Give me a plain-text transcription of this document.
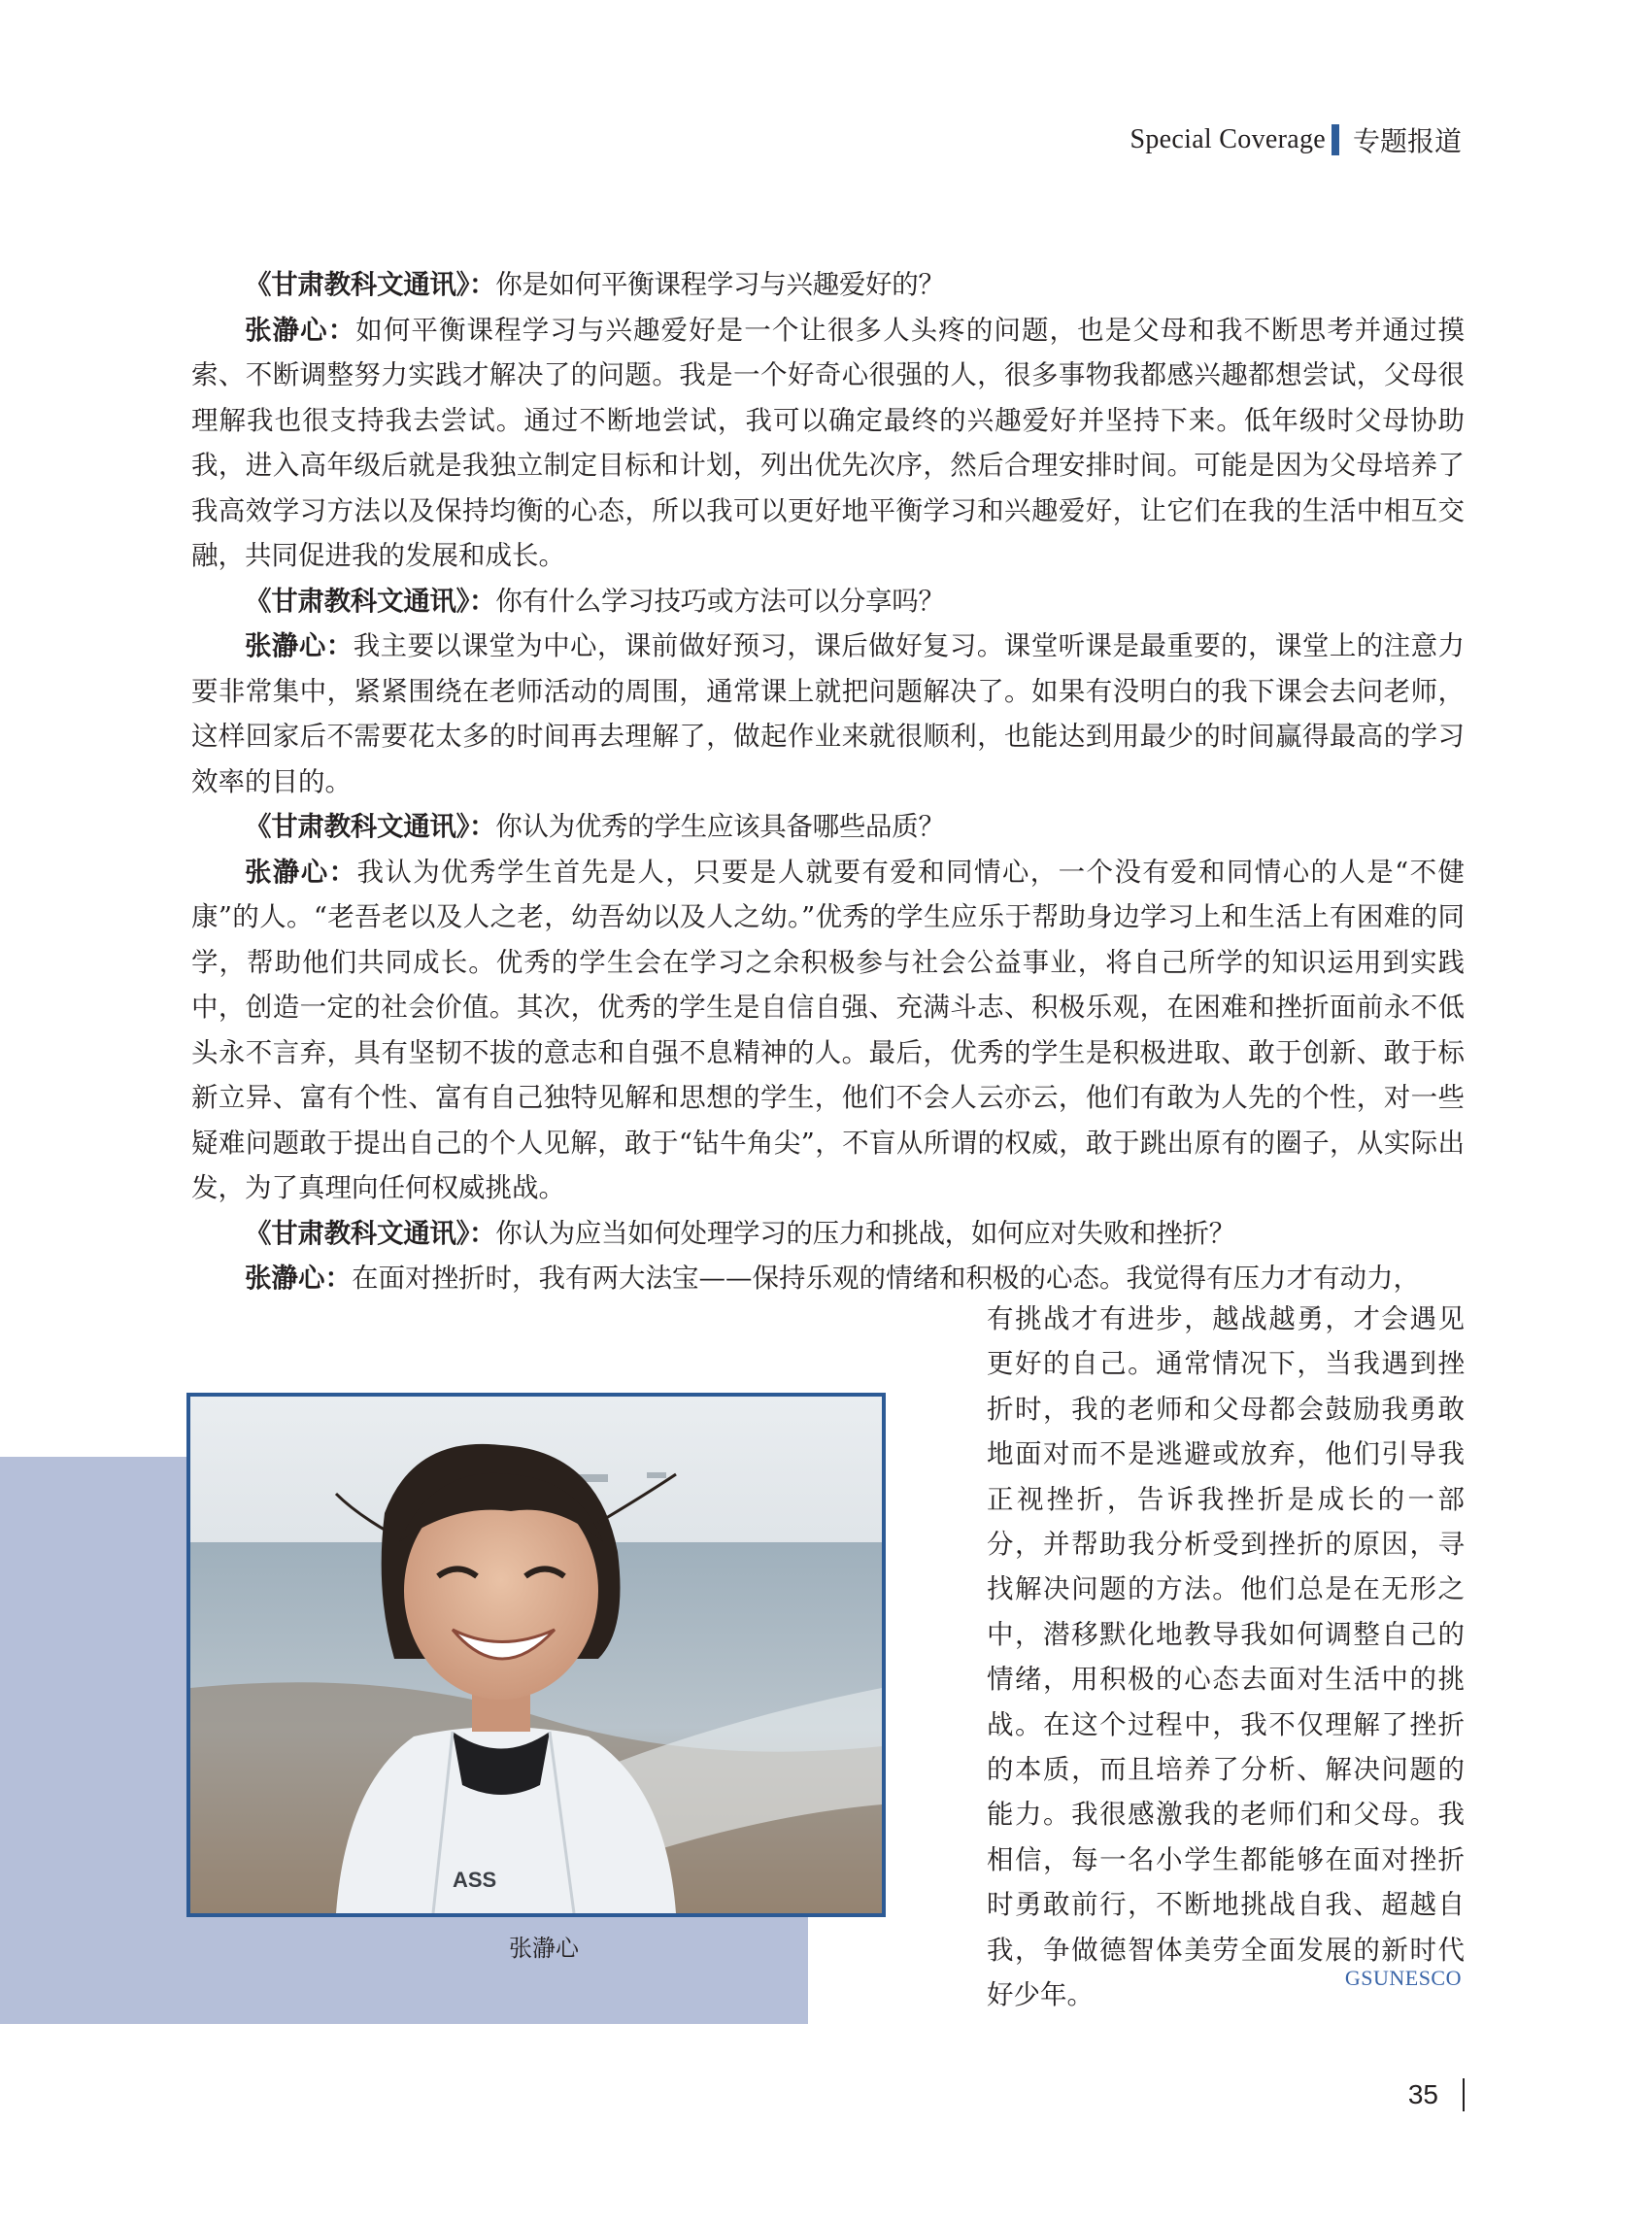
Special Coverage 专题报道

《甘肃教科文通讯》：你是如何平衡课程学习与兴趣爱好的？

张瀞心：如何平衡课程学习与兴趣爱好是一个让很多人头疼的问题，也是父母和我不断思考并通过摸索、不断调整努力实践才解决了的问题。我是一个好奇心很强的人，很多事物我都感兴趣都想尝试，父母很理解我也很支持我去尝试。通过不断地尝试，我可以确定最终的兴趣爱好并坚持下来。低年级时父母协助我，进入高年级后就是我独立制定目标和计划，列出优先次序，然后合理安排时间。可能是因为父母培养了我高效学习方法以及保持均衡的心态，所以我可以更好地平衡学习和兴趣爱好，让它们在我的生活中相互交融，共同促进我的发展和成长。

《甘肃教科文通讯》：你有什么学习技巧或方法可以分享吗？

张瀞心：我主要以课堂为中心，课前做好预习，课后做好复习。课堂听课是最重要的，课堂上的注意力要非常集中，紧紧围绕在老师活动的周围，通常课上就把问题解决了。如果有没明白的我下课会去问老师，这样回家后不需要花太多的时间再去理解了，做起作业来就很顺利，也能达到用最少的时间赢得最高的学习效率的目的。

《甘肃教科文通讯》：你认为优秀的学生应该具备哪些品质？

张瀞心：我认为优秀学生首先是人，只要是人就要有爱和同情心，一个没有爱和同情心的人是“不健康”的人。“老吾老以及人之老，幼吾幼以及人之幼。”优秀的学生应乐于帮助身边学习上和生活上有困难的同学，帮助他们共同成长。优秀的学生会在学习之余积极参与社会公益事业，将自己所学的知识运用到实践中，创造一定的社会价值。其次，优秀的学生是自信自强、充满斗志、积极乐观，在困难和挫折面前永不低头永不言弃，具有坚韧不拔的意志和自强不息精神的人。最后，优秀的学生是积极进取、敢于创新、敢于标新立异、富有个性、富有自己独特见解和思想的学生，他们不会人云亦云，他们有敢为人先的个性，对一些疑难问题敢于提出自己的个人见解，敢于“钻牛角尖”，不盲从所谓的权威，敢于跳出原有的圈子，从实际出发，为了真理向任何权威挑战。

《甘肃教科文通讯》：你认为应当如何处理学习的压力和挑战，如何应对失败和挫折？

张瀞心：在面对挫折时，我有两大法宝——保持乐观的情绪和积极的心态。我觉得有压力才有动力，

ASS
张瀞心

有挑战才有进步，越战越勇，才会遇见更好的自己。通常情况下，当我遇到挫折时，我的老师和父母都会鼓励我勇敢地面对而不是逃避或放弃，他们引导我正视挫折，告诉我挫折是成长的一部分，并帮助我分析受到挫折的原因，寻找解决问题的方法。他们总是在无形之中，潜移默化地教导我如何调整自己的情绪，用积极的心态去面对生活中的挑战。在这个过程中，我不仅理解了挫折的本质，而且培养了分析、解决问题的能力。我很感激我的老师们和父母。我相信，每一名小学生都能够在面对挫折时勇敢前行，不断地挑战自我、超越自我，争做德智体美劳全面发展的新时代好少年。

GSUNESCO
35
